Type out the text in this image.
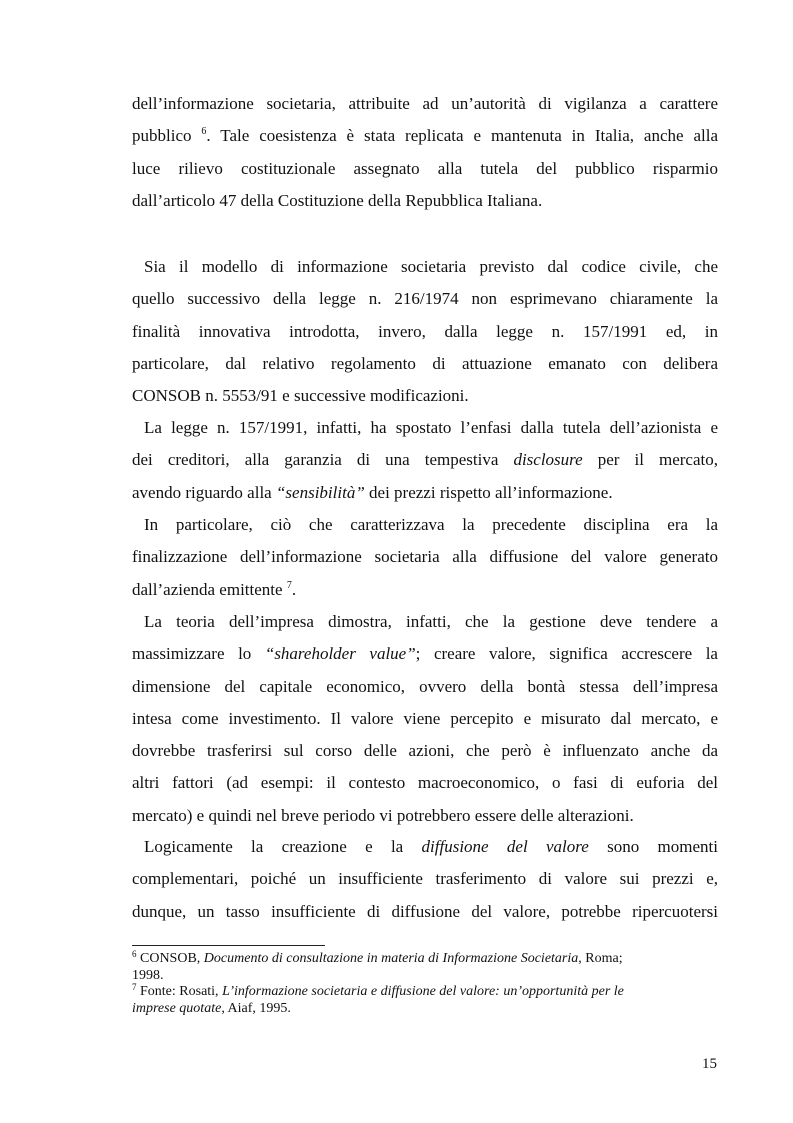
dell’informazione societaria, attribuite ad un’autorità di vigilanza a carattere
pubblico $^6$. Tale coesistenza è stata replicata e mantenuta in Italia, anche alla
luce rilievo costituzionale assegnato alla tutela del pubblico risparmio
dall’articolo 47 della Costituzione della Repubblica Italiana.

Sia il modello di informazione societaria previsto dal codice civile, che
quello successivo della legge n. 216/1974 non esprimevano chiaramente la
finalità innovativa introdotta, invero, dalla legge n. 157/1991 ed, in
particolare, dal relativo regolamento di attuazione emanato con delibera
CONSOB n. 5553/91 e successive modificazioni.

La legge n. 157/1991, infatti, ha spostato l’enfasi dalla tutela dell’azionista e
dei creditori, alla garanzia di una tempestiva disclosure per il mercato,
avendo riguardo alla “sensibilità” dei prezzi rispetto all’informazione.

In particolare, ciò che caratterizzava la precedente disciplina era la
finalizzazione dell’informazione societaria alla diffusione del valore generato
dall’azienda emittente $^7$.

La teoria dell’impresa dimostra, infatti, che la gestione deve tendere a
massimizzare lo “shareholder value”; creare valore, significa accrescere la
dimensione del capitale economico, ovvero della bontà stessa dell’impresa
intesa come investimento. Il valore viene percepito e misurato dal mercato, e
dovrebbe trasferirsi sul corso delle azioni, che però è influenzato anche da
altri fattori (ad esempi: il contesto macroeconomico, o fasi di euforia del
mercato) e quindi nel breve periodo vi potrebbero essere delle alterazioni.

Logicamente la creazione e la diffusione del valore sono momenti
complementari, poiché un insufficiente trasferimento di valore sui prezzi e,
dunque, un tasso insufficiente di diffusione del valore, potrebbe ripercuotersi

$^6$ CONSOB, Documento di consultazione in materia di Informazione Societaria, Roma;
1998.

$^7$ Fonte: Rosati, L’informazione societaria e diffusione del valore: un’opportunità per le
imprese quotate, Aiaf, 1995.

15
